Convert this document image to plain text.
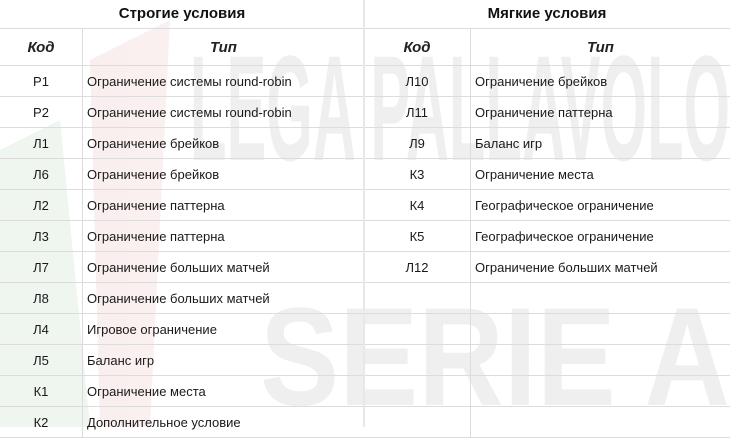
LEGA PALLAVOLO
SERIE A
Строгие условия
Код	Тип
Р1	Ограничение системы round-robin
Р2	Ограничение системы round-robin
Л1	Ограничение брейков
Л6	Ограничение брейков
Л2	Ограничение паттерна
Л3	Ограничение паттерна
Л7	Ограничение больших матчей
Л8	Ограничение больших матчей
Л4	Игровое ограничение
Л5	Баланс игр
К1	Ограничение места
К2	Дополнительное условие
Мягкие условия
Код	Тип
Л10	Ограничение брейков
Л11	Ограничение паттерна
Л9	Баланс игр
К3	Ограничение места
К4	Географическое ограничение
К5	Географическое ограничение
Л12	Ограничение больших матчей
